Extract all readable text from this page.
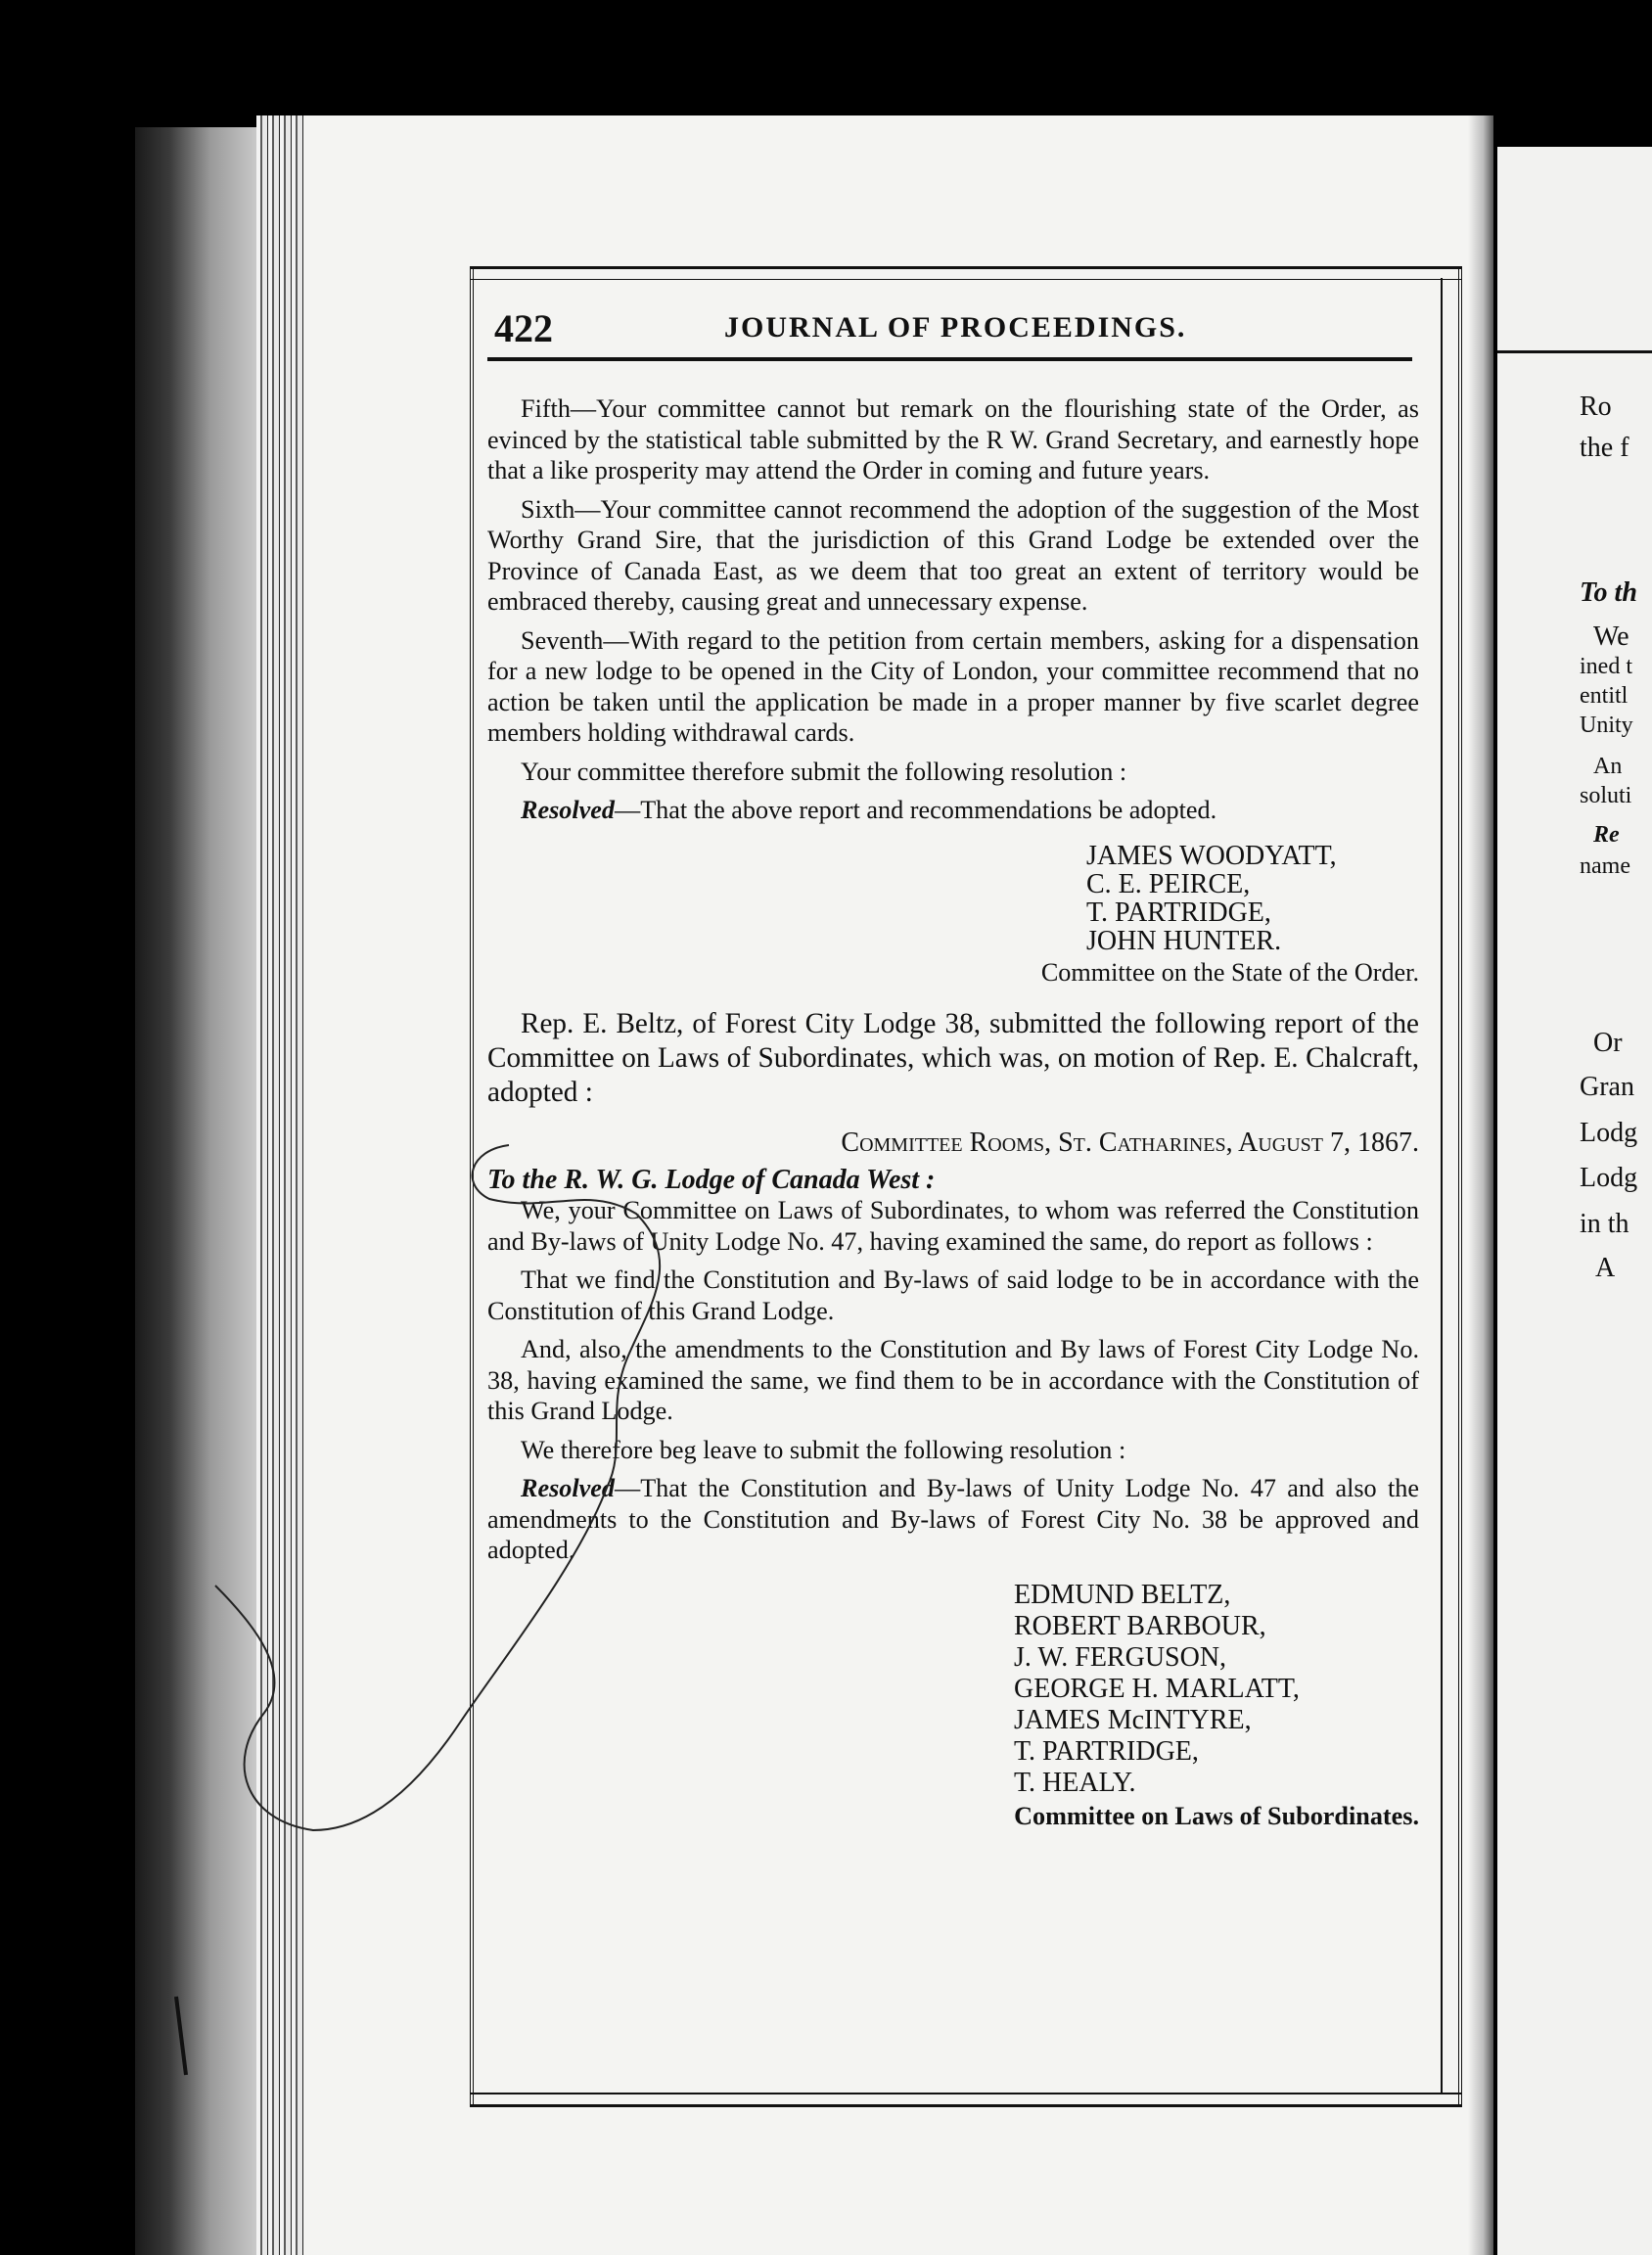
Ro
the f
To th
We
ined t
entitl
Unity
An
soluti
Re
name
Or
Gran
Lodg
Lodg
in th
A
422	JOURNAL OF PROCEEDINGS.

Fifth—Your committee cannot but remark on the flourishing state of the Order, as evinced by the statistical table submitted by the R W. Grand Secretary, and earnestly hope that a like prosperity may attend the Order in coming and future years.

Sixth—Your committee cannot recommend the adoption of the suggestion of the Most Worthy Grand Sire, that the jurisdiction of this Grand Lodge be extended over the Province of Canada East, as we deem that too great an extent of territory would be embraced thereby, causing great and unnecessary expense.

Seventh—With regard to the petition from certain members, asking for a dispensation for a new lodge to be opened in the City of London, your committee recommend that no action be taken until the application be made in a proper manner by five scarlet degree members holding withdrawal cards.

Your committee therefore submit the following resolution :

Resolved—That the above report and recommendations be adopted.

JAMES WOODYATT,
C. E. PEIRCE,
T. PARTRIDGE,
JOHN HUNTER.
Committee on the State of the Order.

Rep. E. Beltz, of Forest City Lodge 38, submitted the following report of the Committee on Laws of Subordinates, which was, on motion of Rep. E. Chalcraft, adopted :

Committee Rooms, St. Catharines, August 7, 1867.
To the R. W. G. Lodge of Canada West :

We, your Committee on Laws of Subordinates, to whom was referred the Constitution and By-laws of Unity Lodge No. 47, having examined the same, do report as follows :

That we find the Constitution and By-laws of said lodge to be in accordance with the Constitution of this Grand Lodge.

And, also, the amendments to the Constitution and By laws of Forest City Lodge No. 38, having examined the same, we find them to be in accordance with the Constitution of this Grand Lodge.

We therefore beg leave to submit the following resolution :

Resolved—That the Constitution and By-laws of Unity Lodge No. 47 and also the amendments to the Constitution and By-laws of Forest City No. 38 be approved and adopted.

EDMUND BELTZ,
ROBERT BARBOUR,
J. W. FERGUSON,
GEORGE H. MARLATT,
JAMES McINTYRE,
T. PARTRIDGE,
T. HEALY.
Committee on Laws of Subordinates.
